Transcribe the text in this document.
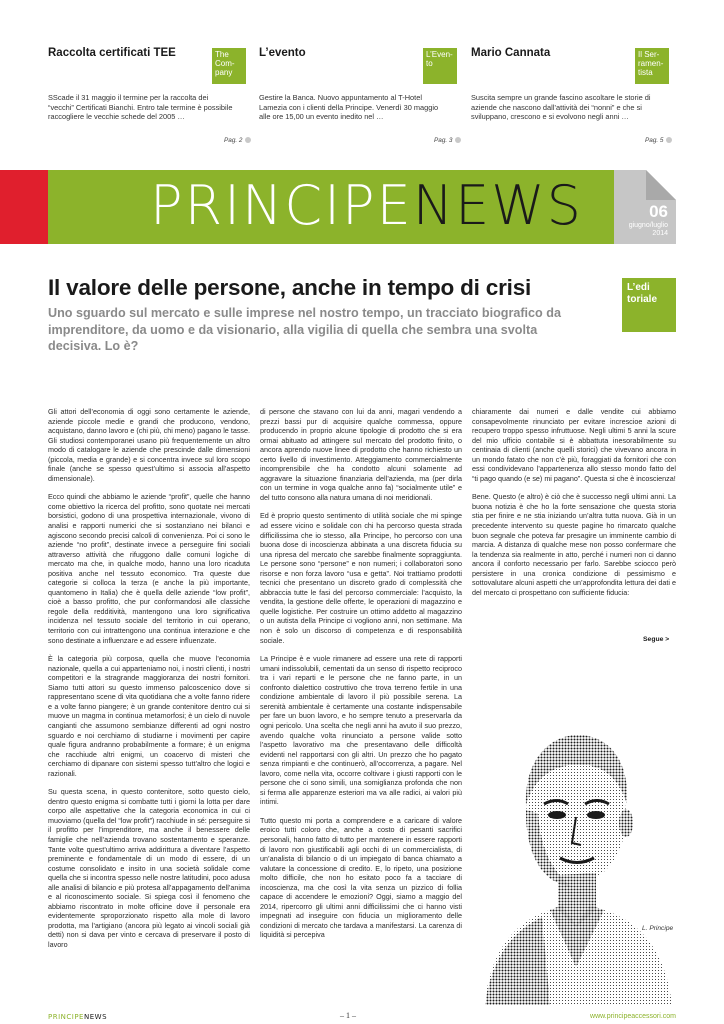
Raccolta certificati TEE	The Company
SScade il 31 maggio il termine per la raccolta dei “vecchi” Certificati Bianchi. Entro tale termine è possibile raccogliere le vecchie schede del 2005 …
Pag. 2
L’evento	L’Evento
Gestire la Banca. Nuovo appuntamento al T-Hotel Lamezia con i clienti della Principe. Venerdì 30 maggio alle ore 15,00 un evento inedito nel …
Pag. 3
Mario Cannata	Il Serramentista
Suscita sempre un grande fascino ascoltare le storie di aziende che nascono dall’attività dei “nonni” e che si sviluppano, crescono e si evolvono negli anni …
Pag. 5
PRINCIPENEWS	06
giugno/luglio
2014
Il valore delle persone, anche in tempo di crisi
Uno sguardo sul mercato e sulle imprese nel nostro tempo, un tracciato biografico da imprenditore, da uomo e da visionario, alla vigilia di quella che sembra una svolta decisiva. Lo è?
L’edi toriale

Gli attori dell’economia di oggi sono certamente le aziende, aziende piccole medie e grandi che producono, vendono, acquistano, danno lavoro e (chi più, chi meno) pagano le tasse. Gli studiosi contemporanei usano più frequentemente un altro modo di catalogare le aziende che prescinde dalle dimensioni (piccola, media e grande) e si concentra invece sul loro scopo finale (anche se spesso quest’ultimo si associa all’aspetto dimensionale).

Ecco quindi che abbiamo le aziende “profit”, quelle che hanno come obiettivo la ricerca del profitto, sono quotate nei mercati borsistici, godono di una prospettiva internazionale, vivono di analisi e rapporti numerici che si sostanziano nei bilanci e agiscono secondo precisi calcoli di convenienza. Poi ci sono le aziende “no profit”, destinate invece a perseguire fini sociali attraverso attività che rifuggono dalle comuni logiche di mercato ma che, in qualche modo, hanno una loro ricaduta positiva anche nel tessuto economico. Tra queste due categorie si colloca la terza (e anche la più importante, quantomeno in Italia) che è quella delle aziende “low profit”, cioè a basso profitto, che pur conformandosi alle classiche regole della redditività, mantengono una loro significativa incidenza nel tessuto sociale del territorio in cui operano, territorio con cui intrattengono una continua interazione e che sono destinate a influenzare e ad essere influenzate.

È la categoria più corposa, quella che muove l’economia nazionale, quella a cui apparteniamo noi, i nostri clienti, i nostri competitori e la stragrande maggioranza dei nostri fornitori. Siamo tutti attori su questo immenso palcoscenico dove si rappresentano scene di vita quotidiana che a volte fanno ridere e a volte fanno piangere; è un grande contenitore dentro cui si muove un magma in continua metamorfosi; è un cielo di nuvole cangianti che assumono sembianze differenti ad ogni nostro sguardo e noi cerchiamo di studiarne i movimenti per capire quale figura andranno probabilmente a formare; è un enigma che racchiude altri enigmi, un coacervo di misteri che cerchiamo di dipanare con sistemi spesso tutt’altro che logici e razionali.

Su questa scena, in questo contenitore, sotto questo cielo, dentro questo enigma si combatte tutti i giorni la lotta per dare corpo alle aspettative che la categoria economica in cui ci muoviamo (quella del “low profit”) racchiude in sé: perseguire si il profitto per l’imprenditore, ma anche il benessere delle famiglie che nell’azienda trovano sostentamento e speranze. Tante volte quest’ultimo arriva addirittura a diventare l’aspetto preminente e fondamentale di un modo di essere, di un costume consolidato e insito in una società solidale come quella che si incontra spesso nelle nostre latitudini, poco adusa alle analisi di bilancio e più protesa all’appagamento dell’anima e al riconoscimento sociale. Si spiega così il fenomeno che abbiamo riscontrato in molte officine dove il personale era evidentemente sproporzionato rispetto alla mole di lavoro prodotta, ma l’artigiano (ancora più legato ai vincoli sociali già detti) non si dava per vinto e cercava di preservare il posto di lavoro

di persone che stavano con lui da anni, magari vendendo a prezzi bassi pur di acquisire qualche commessa, oppure producendo in proprio alcune tipologie di prodotto che si era ormai abituato ad attingere sul mercato del prodotto finito, o ancora aprendo nuove linee di prodotto che hanno richiesto un certo livello di investimento. Atteggiamento commercialmente incomprensibile che ha condotto alcuni solamente ad aggravare la situazione finanziaria dell’azienda, ma (per dirla con un termine in voga qualche anno fa) “socialmente utile” e del tutto consono alla natura umana di noi meridionali.

Ed è proprio questo sentimento di utilità sociale che mi spinge ad essere vicino e solidale con chi ha percorso questa strada difficilissima che io stesso, alla Principe, ho percorso con una buona dose di incoscienza abbinata a una discreta fiducia su una ripresa del mercato che sarebbe finalmente sopraggiunta. Le persone sono “persone” e non numeri; i collaboratori sono risorse e non forza lavoro “usa e getta”. Noi trattiamo prodotti tecnici che presentano un discreto grado di complessità che abbraccia tutte le fasi del percorso commerciale: l’acquisto, la vendita, la gestione delle offerte, le operazioni di magazzino e quelle logistiche. Per costruire un ottimo addetto al magazzino o un autista della Principe ci vogliono anni, non settimane. Ma non è solo un discorso di competenza e di responsabilità sociale.

La Principe è e vuole rimanere ad essere una rete di rapporti umani indissolubili, cementati da un senso di rispetto reciproco tra i vari reparti e le persone che ne fanno parte, in un confronto dialettico costruttivo che trova terreno fertile in una condizione ambientale di lavoro il più possibile serena. La serenità ambientale è certamente una costante indispensabile per fare un buon lavoro, e ho sempre tenuto a preservarla da ogni pericolo. Una scelta che negli anni ha avuto il suo prezzo, avendo qualche volta rinunciato a persone valide sotto l’aspetto lavorativo ma che presentavano delle difficoltà evidenti nel rapportarsi con gli altri. Un prezzo che ho pagato senza rimpianti e che continuerò, all’occorrenza, a pagare. Nel lavoro, come nella vita, occorre coltivare i giusti rapporti con le persone che ci sono simili, una somiglianza profonda che non si ferma alle apparenze esteriori ma va alle radici, ai valori più intimi.

Tutto questo mi porta a comprendere e a caricare di valore eroico tutti coloro che, anche a costo di pesanti sacrifici personali, hanno fatto di tutto per mantenere in essere rapporti di lavoro non giustificabili agli occhi di un commercialista, di un’analista di bilancio o di un impiegato di banca chiamato a valutare la concessione di credito. E, lo ripeto, una posizione molto difficile, che non ho esitato poco fa a tacciare di incoscienza, ma che così la vita senza un pizzico di follia capace di accendere le emozioni? Oggi, siamo a maggio del 2014, ripercorro gli ultimi anni difficilissimi che ci hanno visti impegnati ad inseguire con fiducia un miglioramento delle condizioni di mercato che tardava a manifestarsi. La carenza di liquidità si percepiva

chiaramente dai numeri e dalle vendite cui abbiamo consapevolmente rinunciato per evitare increscioe azioni di recupero troppo spesso infruttuose. Negli ultimi 5 anni la scure del mio ufficio contabile si è abbattuta inesorabilmente su centinaia di clienti (anche quelli storici) che vivevano ancora in un mondo fatato che non c’è più, foraggiati da fornitori che con essi condividevano l’appartenenza allo stesso mondo fatto del “ti pago quando (e se) mi pagano”. Questa si che è incoscienza!

Bene. Questo (e altro) è ciò che è successo negli ultimi anni. La buona notizia è che ho la forte sensazione che questa storia stia per finire e ne stia iniziando un’altra tutta nuova. Già in un precedente intervento su queste pagine ho rimarcato qualche buon segnale che poteva far presagire un imminente cambio di marcia. A distanza di qualche mese non posso confermare che la tendenza sia realmente in atto, perché i numeri non ci danno ancora il conforto necessario per farlo. Sarebbe sciocco però persistere in una cronica condizione di pessimismo e sottovalutare alcuni aspetti che un’approfondita lettura dei dati e del mercato ci prospettano con sufficiente fiducia:

Segue >
L. Principe
PRINCIPENEWS	– 1 –	www.principeaccessori.com
